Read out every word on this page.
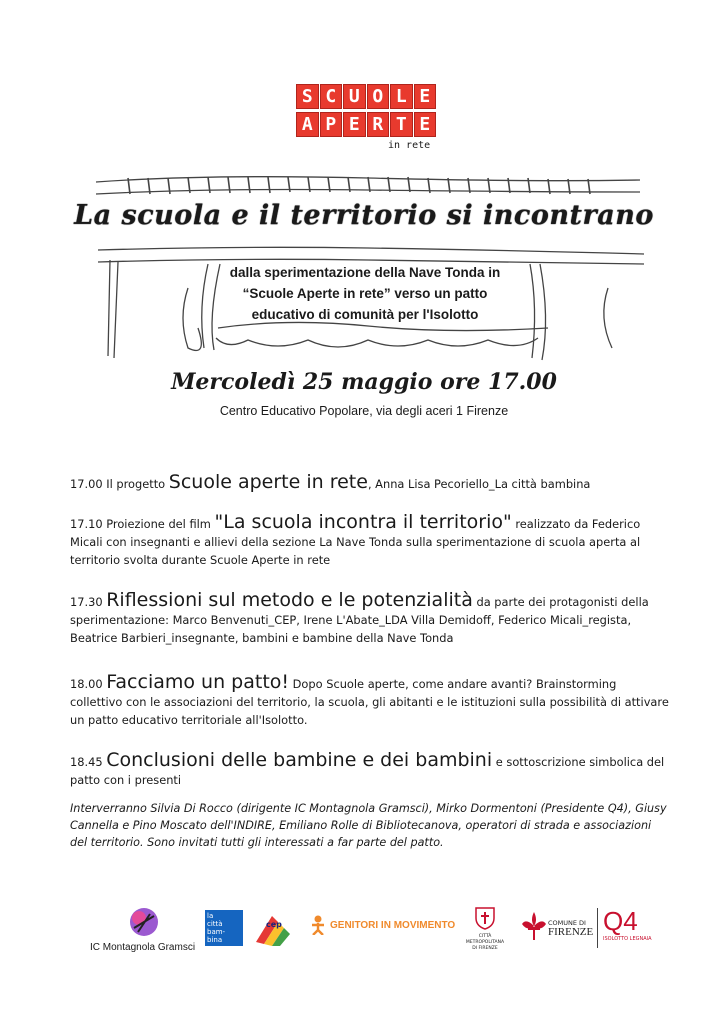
S C U O L E
A P E R T E
in rete
La scuola e il territorio si incontrano
dalla sperimentazione della Nave Tonda in
“Scuole Aperte in rete” verso un patto
educativo di comunità per l'Isolotto
Mercoledì 25 maggio ore 17.00
Centro Educativo Popolare, via degli aceri 1 Firenze
17.00 Il progetto Scuole aperte in rete, Anna Lisa Pecoriello_La città bambina
17.10 Proiezione del film "La scuola incontra il territorio" realizzato da Federico Micali con insegnanti e allievi della sezione La Nave Tonda sulla sperimentazione di scuola aperta al territorio svolta durante Scuole Aperte in rete
17.30 Riflessioni sul metodo e le potenzialità da parte dei protagonisti della sperimentazione: Marco Benvenuti_CEP, Irene L'Abate_LDA Villa Demidoff, Federico Micali_regista, Beatrice Barbieri_insegnante, bambini e bambine della Nave Tonda
18.00 Facciamo un patto! Dopo Scuole aperte, come andare avanti? Brainstorming collettivo con le associazioni del territorio, la scuola, gli abitanti e le istituzioni sulla possibilità di attivare un patto educativo territoriale all'Isolotto.
18.45 Conclusioni delle bambine e dei bambini e sottoscrizione simbolica del patto con i presenti
Interverranno Silvia Di Rocco (dirigente IC Montagnola Gramsci), Mirko Dormentoni (Presidente Q4), Giusy Cannella e Pino Moscato dell'INDIRE, Emiliano Rolle di Bibliotecanova, operatori di strada e associazioni del territorio. Sono invitati tutti gli interessati a far parte del patto.
IC Montagnola Gramsci
la
città
bam-
bina
cep	GENITORI IN MOVIMENTO
CITTÀ METROPOLITANA
DI FIRENZE
COMUNE DI
FIRENZE Q4
ISOLOTTO LEGNAIA
